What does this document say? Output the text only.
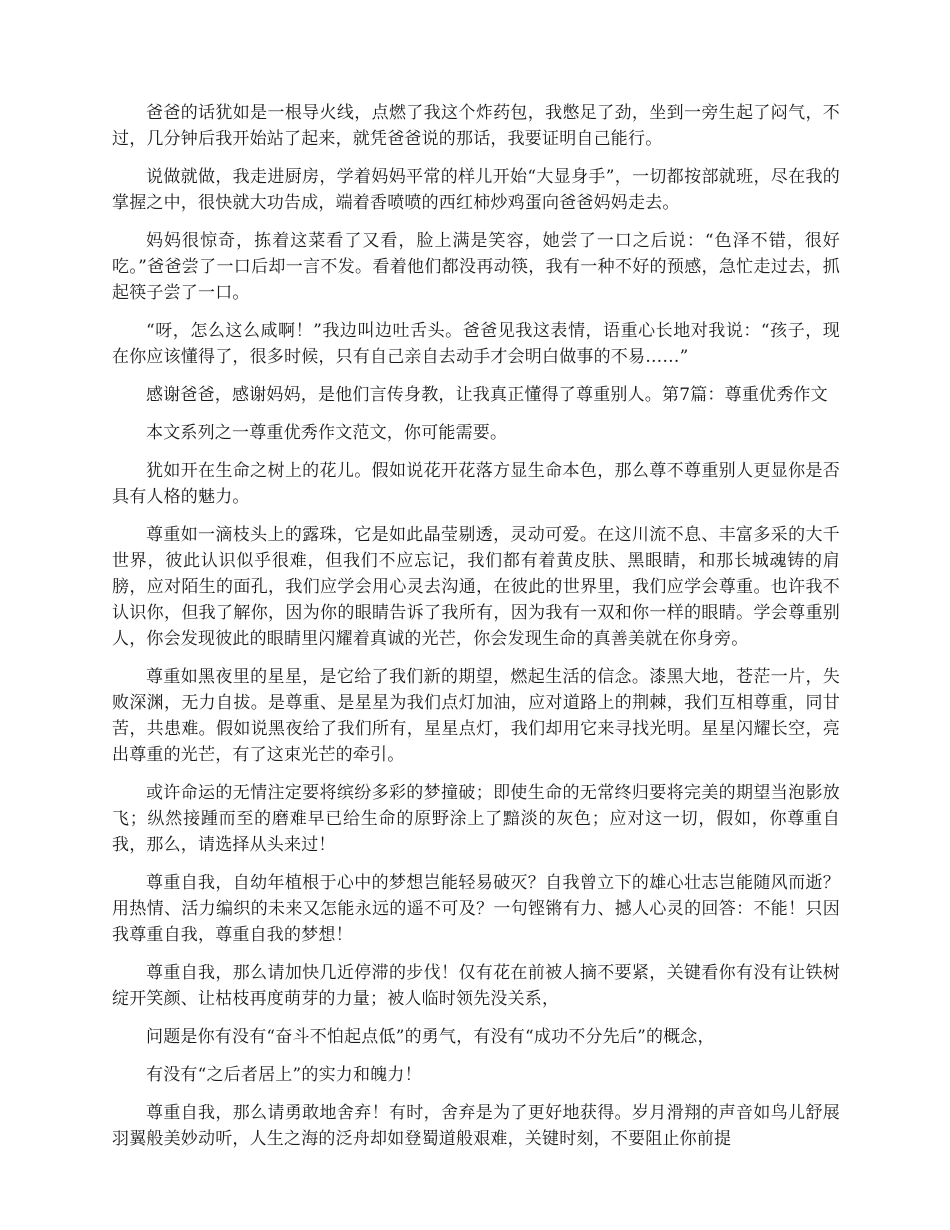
爸爸的话犹如是一根导火线，点燃了我这个炸药包，我憋足了劲，坐到一旁生起了闷气，不过，几分钟后我开始站了起来，就凭爸爸说的那话，我要证明自己能行。

说做就做，我走进厨房，学着妈妈平常的样儿开始“大显身手”，一切都按部就班，尽在我的掌握之中，很快就大功告成，端着香喷喷的西红柿炒鸡蛋向爸爸妈妈走去。

妈妈很惊奇，拣着这菜看了又看，脸上满是笑容，她尝了一口之后说：“色泽不错，很好吃。”爸爸尝了一口后却一言不发。看着他们都没再动筷，我有一种不好的预感，急忙走过去，抓起筷子尝了一口。

“呀，怎么这么咸啊！”我边叫边吐舌头。爸爸见我这表情，语重心长地对我说：“孩子，现在你应该懂得了，很多时候，只有自己亲自去动手才会明白做事的不易……”

感谢爸爸，感谢妈妈，是他们言传身教，让我真正懂得了尊重别人。第7篇：尊重优秀作文

本文系列之一尊重优秀作文范文，你可能需要。

犹如开在生命之树上的花儿。假如说花开花落方显生命本色，那么尊不尊重别人更显你是否具有人格的魅力。

尊重如一滴枝头上的露珠，它是如此晶莹剔透，灵动可爱。在这川流不息、丰富多采的大千世界，彼此认识似乎很难，但我们不应忘记，我们都有着黄皮肤、黑眼睛，和那长城魂铸的肩膀，应对陌生的面孔，我们应学会用心灵去沟通，在彼此的世界里，我们应学会尊重。也许我不认识你，但我了解你，因为你的眼睛告诉了我所有，因为我有一双和你一样的眼睛。学会尊重别人，你会发现彼此的眼睛里闪耀着真诚的光芒，你会发现生命的真善美就在你身旁。

尊重如黑夜里的星星，是它给了我们新的期望，燃起生活的信念。漆黑大地，苍茫一片，失败深渊，无力自拔。是尊重、是星星为我们点灯加油，应对道路上的荆棘，我们互相尊重，同甘苦，共患难。假如说黑夜给了我们所有，星星点灯，我们却用它来寻找光明。星星闪耀长空，亮出尊重的光芒，有了这束光芒的牵引。

或许命运的无情注定要将缤纷多彩的梦撞破；即使生命的无常终归要将完美的期望当泡影放飞；纵然接踵而至的磨难早已给生命的原野涂上了黯淡的灰色；应对这一切，假如，你尊重自我，那么，请选择从头来过！

尊重自我，自幼年植根于心中的梦想岂能轻易破灭？自我曾立下的雄心壮志岂能随风而逝？用热情、活力编织的未来又怎能永远的遥不可及？一句铿锵有力、撼人心灵的回答：不能！只因我尊重自我，尊重自我的梦想！

尊重自我，那么请加快几近停滞的步伐！仅有花在前被人摘不要紧，关键看你有没有让铁树绽开笑颜、让枯枝再度萌芽的力量；被人临时领先没关系，

问题是你有没有“奋斗不怕起点低”的勇气，有没有“成功不分先后”的概念，

有没有“之后者居上”的实力和魄力！

尊重自我，那么请勇敢地舍弃！有时，舍弃是为了更好地获得。岁月滑翔的声音如鸟儿舒展羽翼般美妙动听，人生之海的泛舟却如登蜀道般艰难，关键时刻，不要阻止你前提
